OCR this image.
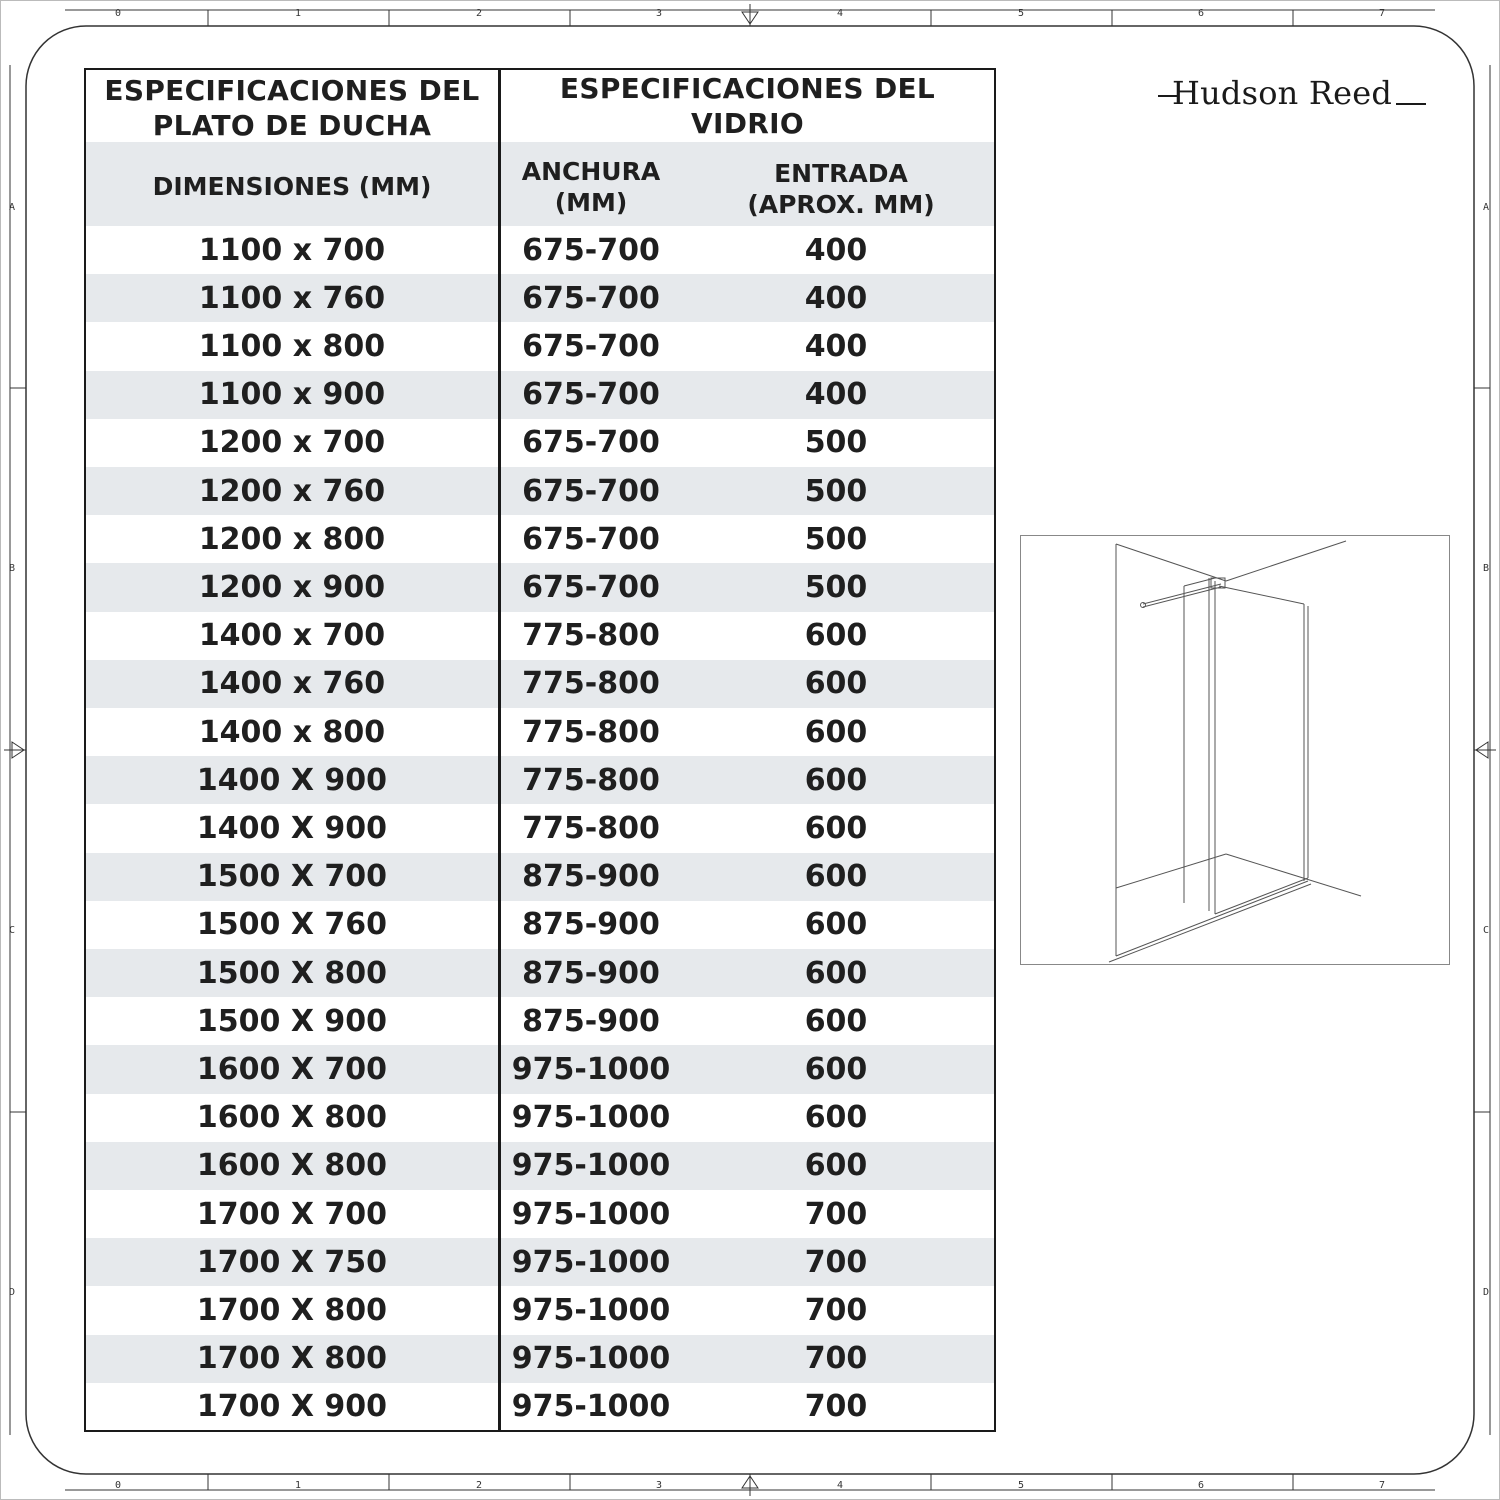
0	1	2	3	4	5	6	7
0	1	2	3	4	5	6	7
A
B
C
D
A
B
C
D
ESPECIFICACIONES DEL PLATO DE DUCHA
ESPECIFICACIONES DEL VIDRIO
DIMENSIONES (MM)
ANCHURA (MM)
ENTRADA (APROX. MM)
1100 x 700	675-700	400
1100 x 760	675-700	400
1100 x 800	675-700	400
1100 x 900	675-700	400
1200 x 700	675-700	500
1200 x 760	675-700	500
1200 x 800	675-700	500
1200 x 900	675-700	500
1400 x 700	775-800	600
1400 x 760	775-800	600
1400 x 800	775-800	600
1400 X 900	775-800	600
1400 X 900	775-800	600
1500 X 700	875-900	600
1500 X 760	875-900	600
1500 X 800	875-900	600
1500 X 900	875-900	600
1600 X 700	975-1000	600
1600 X 800	975-1000	600
1600 X 800	975-1000	600
1700 X 700	975-1000	700
1700 X 750	975-1000	700
1700 X 800	975-1000	700
1700 X 800	975-1000	700
1700 X 900	975-1000	700
Hudson Reed
